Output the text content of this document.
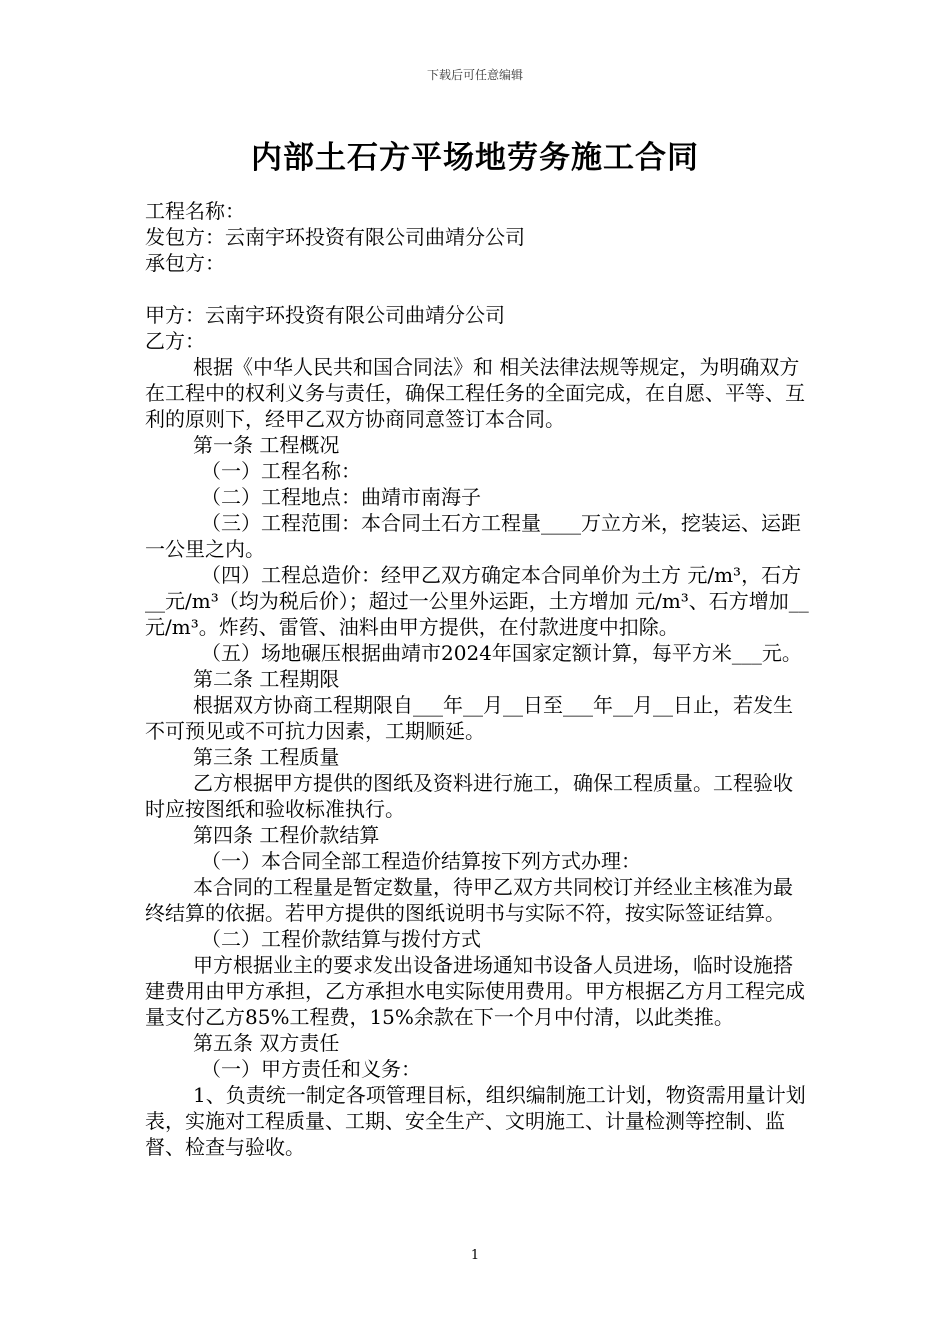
下载后可任意编辑
内部土石方平场地劳务施工合同

工程名称：

发包方：云南宇环投资有限公司曲靖分公司

承包方：

甲方：云南宇环投资有限公司曲靖分公司

乙方：

根据《中华人民共和国合同法》和 相关法律法规等规定，为明确双方在工程中的权利义务与责任，确保工程任务的全面完成，在自愿、平等、互利的原则下，经甲乙双方协商同意签订本合同。

第一条 工程概况

（一）工程名称：

（二）工程地点：曲靖市南海子

（三）工程范围：本合同土石方工程量____万立方米，挖装运、运距一公里之内。

（四）工程总造价：经甲乙双方确定本合同单价为土方 元/m³，石方__元/m³（均为税后价）；超过一公里外运距，土方增加 元/m³、石方增加__元/m³。炸药、雷管、油料由甲方提供，在付款进度中扣除。

（五）场地碾压根据曲靖市2024年国家定额计算，每平方米___元。

第二条 工程期限

根据双方协商工程期限自___年__月__日至___年__月__日止，若发生不可预见或不可抗力因素，工期顺延。

第三条 工程质量

乙方根据甲方提供的图纸及资料进行施工，确保工程质量。工程验收时应按图纸和验收标准执行。

第四条 工程价款结算

（一）本合同全部工程造价结算按下列方式办理：

本合同的工程量是暂定数量，待甲乙双方共同校订并经业主核准为最终结算的依据。若甲方提供的图纸说明书与实际不符，按实际签证结算。

（二）工程价款结算与拨付方式

甲方根据业主的要求发出设备进场通知书设备人员进场，临时设施搭建费用由甲方承担，乙方承担水电实际使用费用。甲方根据乙方月工程完成量支付乙方85%工程费，15%余款在下一个月中付清，以此类推。

第五条 双方责任

（一）甲方责任和义务：

1、负责统一制定各项管理目标，组织编制施工计划，物资需用量计划表，实施对工程质量、工期、安全生产、文明施工、计量检测等控制、监督、检查与验收。

1
